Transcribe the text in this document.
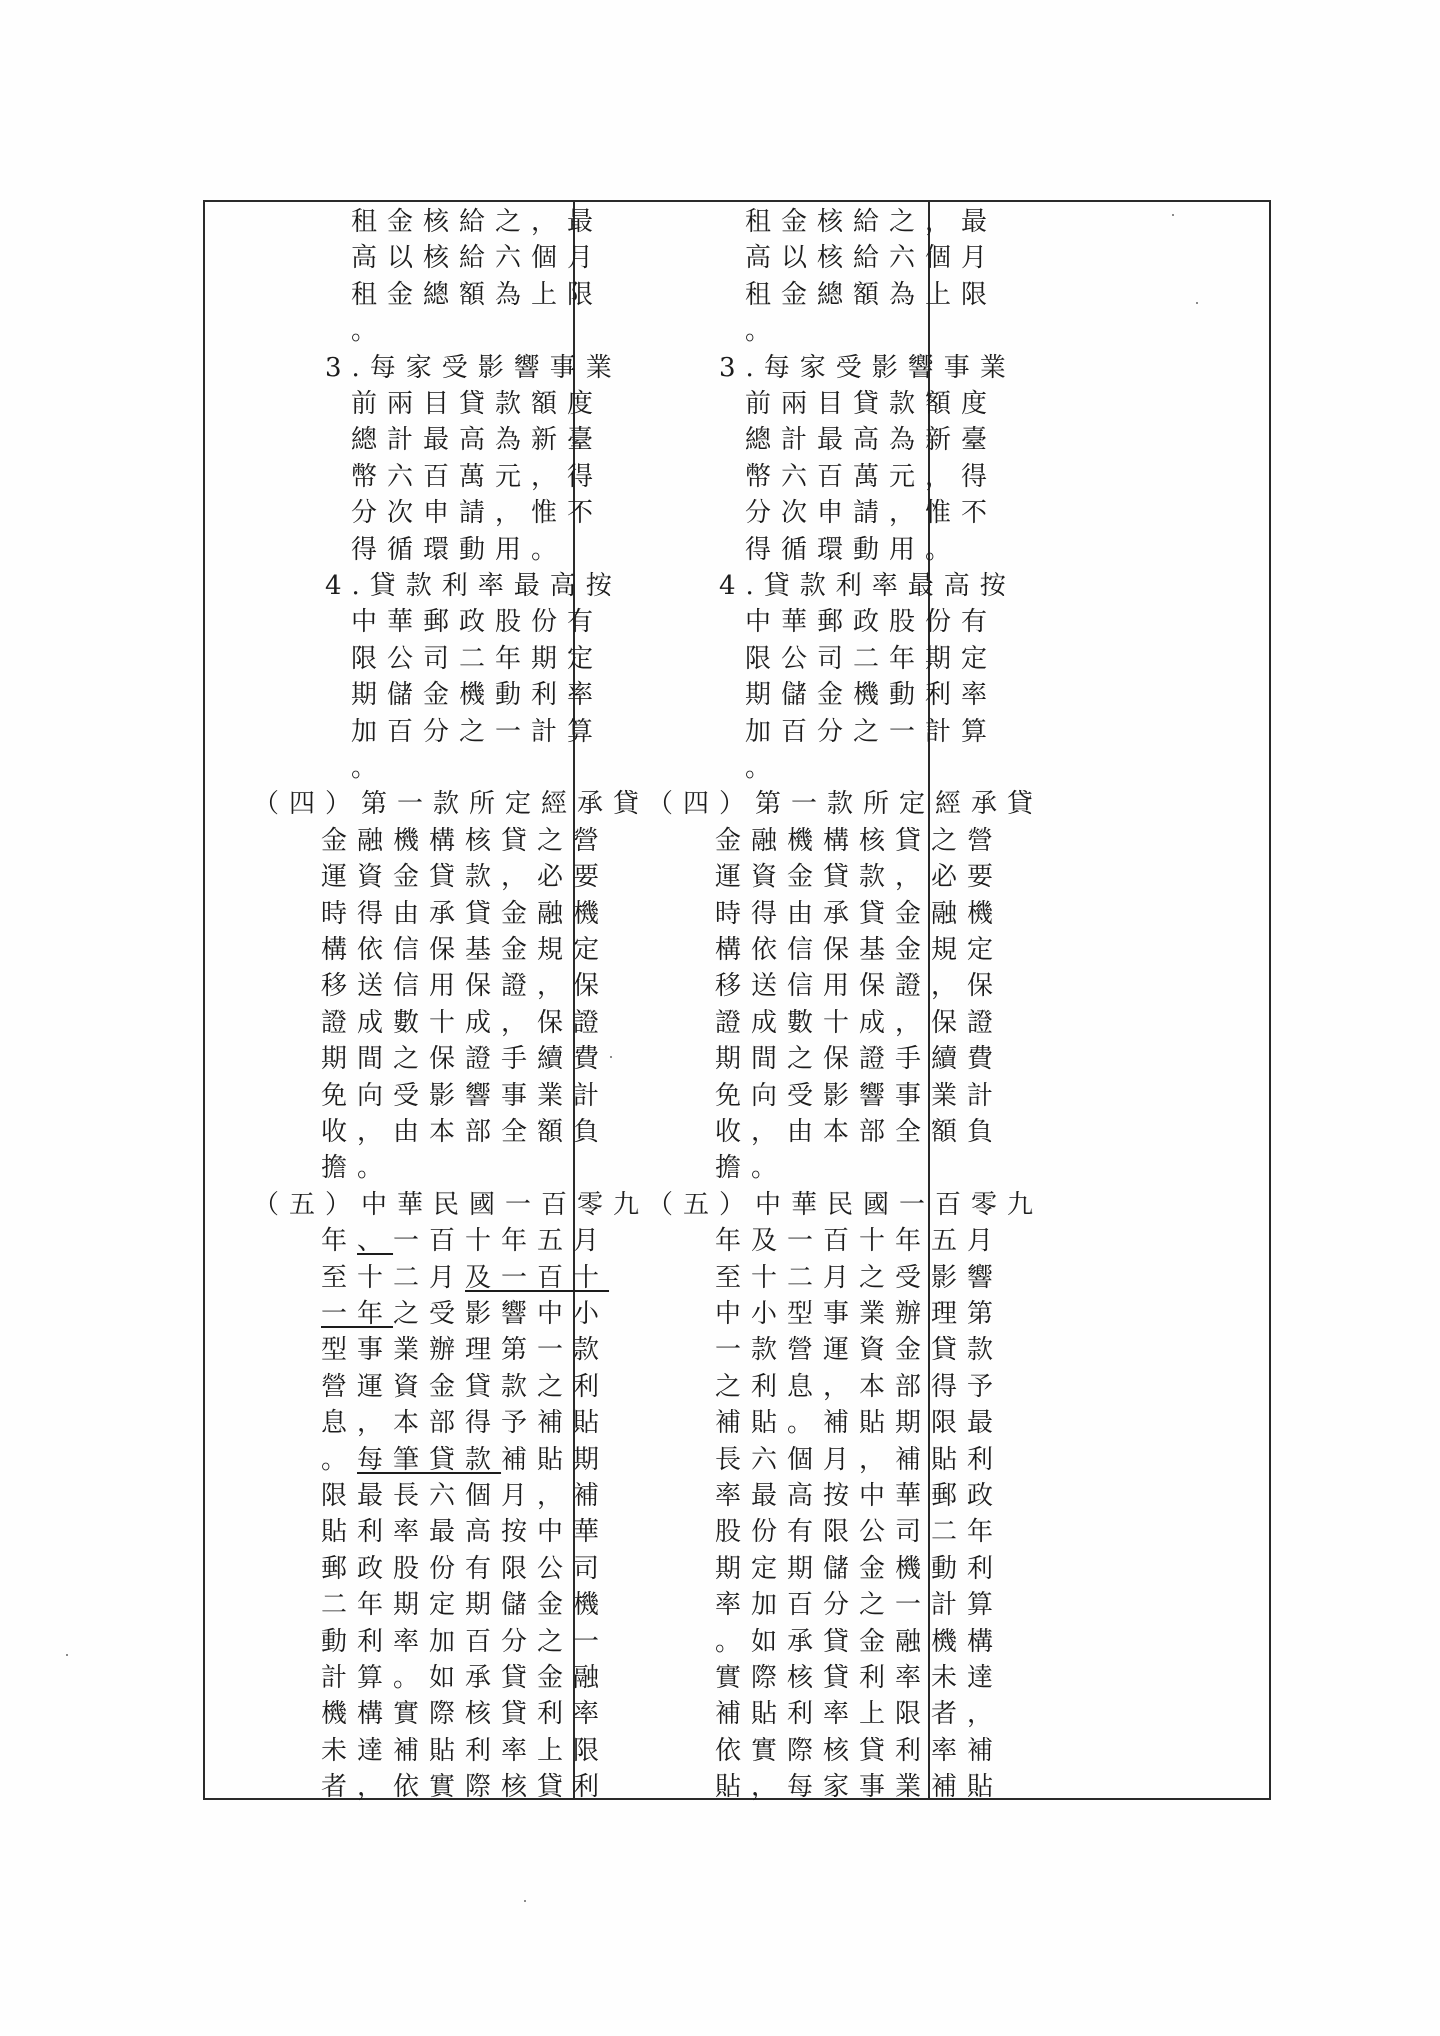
租金核給之，最
高以核給六個月
租金總額為上限
。
3.每家受影響事業
前兩目貸款額度
總計最高為新臺
幣六百萬元，得
分次申請，惟不
得循環動用。
4.貸款利率最高按
中華郵政股份有
限公司二年期定
期儲金機動利率
加百分之一計算
。
（四）第一款所定經承貸
金融機構核貸之營
運資金貸款，必要
時得由承貸金融機
構依信保基金規定
移送信用保證，保
證成數十成，保證
期間之保證手續費
免向受影響事業計
收，由本部全額負
擔。
（五）中華民國一百零九
年、一百十年五月
至十二月及一百十
一年之受影響中小
型事業辦理第一款
營運資金貸款之利
息，本部得予補貼
。每筆貸款補貼期
限最長六個月，補
貼利率最高按中華
郵政股份有限公司
二年期定期儲金機
動利率加百分之一
計算。如承貸金融
機構實際核貸利率
未達補貼利率上限
者，依實際核貸利
租金核給之，最
高以核給六個月
租金總額為上限
。
3.每家受影響事業
前兩目貸款額度
總計最高為新臺
幣六百萬元，得
分次申請，惟不
得循環動用。
4.貸款利率最高按
中華郵政股份有
限公司二年期定
期儲金機動利率
加百分之一計算
。
（四）第一款所定經承貸
金融機構核貸之營
運資金貸款，必要
時得由承貸金融機
構依信保基金規定
移送信用保證，保
證成數十成，保證
期間之保證手續費
免向受影響事業計
收，由本部全額負
擔。
（五）中華民國一百零九
年及一百十年五月
至十二月之受影響
中小型事業辦理第
一款營運資金貸款
之利息，本部得予
補貼。補貼期限最
長六個月，補貼利
率最高按中華郵政
股份有限公司二年
期定期儲金機動利
率加百分之一計算
。如承貸金融機構
實際核貸利率未達
補貼利率上限者，
依實際核貸利率補
貼，每家事業補貼
